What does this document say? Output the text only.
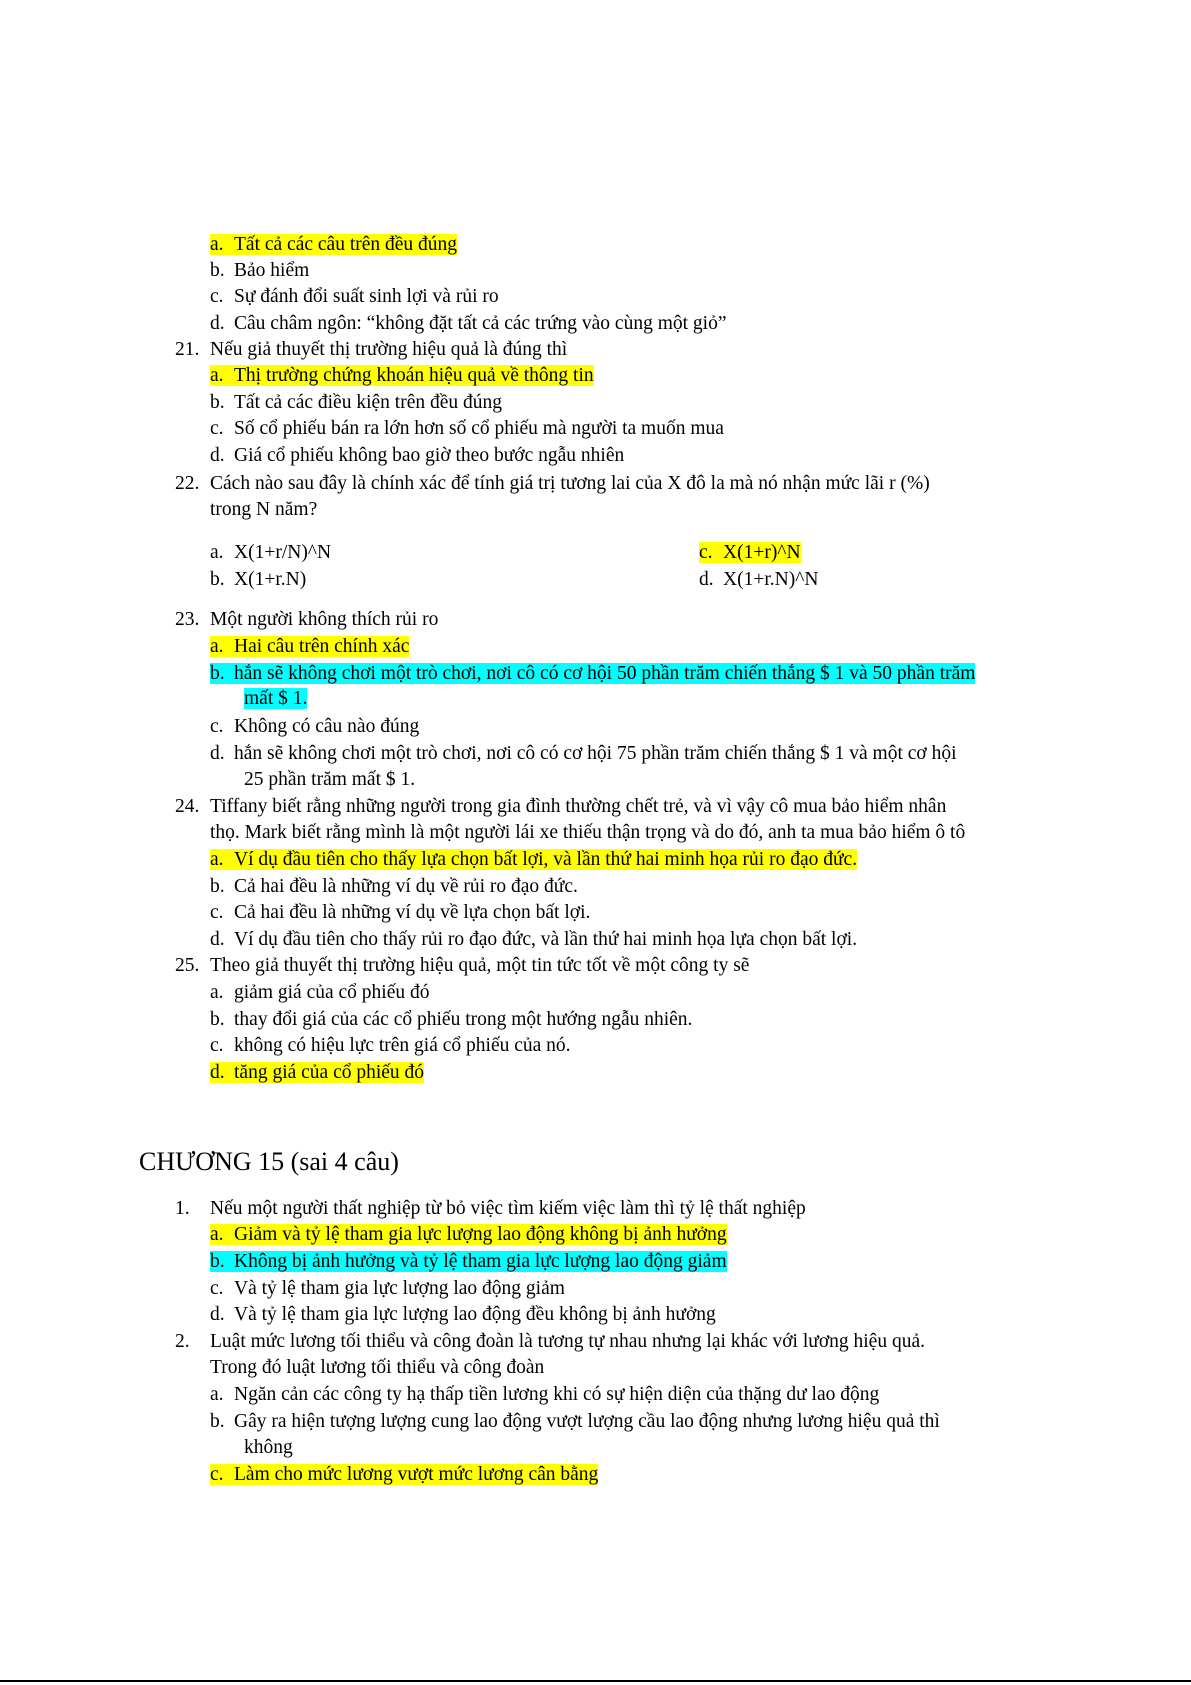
a. Tất cả các câu trên đều đúng
b. Bảo hiểm
c. Sự đánh đổi suất sinh lợi và rủi ro
d. Câu châm ngôn: “không đặt tất cả các trứng vào cùng một giỏ”
21. Nếu giả thuyết thị trường hiệu quả là đúng thì
a. Thị trường chứng khoán hiệu quả về thông tin
b. Tất cả các điều kiện trên đều đúng
c. Số cổ phiếu bán ra lớn hơn số cổ phiếu mà người ta muốn mua
d. Giá cổ phiếu không bao giờ theo bước ngẫu nhiên
22. Cách nào sau đây là chính xác để tính giá trị tương lai của X đô la mà nó nhận mức lãi r (%)
trong N năm?
a. X(1+r/N)^N
b. X(1+r.N)
c. X(1+r)^N
d. X(1+r.N)^N
23. Một người không thích rủi ro
a. Hai câu trên chính xác
b. hắn sẽ không chơi một trò chơi, nơi cô có cơ hội 50 phần trăm chiến thắng $ 1 và 50 phần trăm
mất $ 1.
c. Không có câu nào đúng
d. hắn sẽ không chơi một trò chơi, nơi cô có cơ hội 75 phần trăm chiến thắng $ 1 và một cơ hội
25 phần trăm mất $ 1.
24. Tiffany biết rằng những người trong gia đình thường chết trẻ, và vì vậy cô mua bảo hiểm nhân
thọ. Mark biết rằng mình là một người lái xe thiếu thận trọng và do đó, anh ta mua bảo hiểm ô tô
a. Ví dụ đầu tiên cho thấy lựa chọn bất lợi, và lần thứ hai minh họa rủi ro đạo đức.
b. Cả hai đều là những ví dụ về rủi ro đạo đức.
c. Cả hai đều là những ví dụ về lựa chọn bất lợi.
d. Ví dụ đầu tiên cho thấy rủi ro đạo đức, và lần thứ hai minh họa lựa chọn bất lợi.
25. Theo giả thuyết thị trường hiệu quả, một tin tức tốt về một công ty sẽ
a. giảm giá của cổ phiếu đó
b. thay đổi giá của các cổ phiếu trong một hướng ngẫu nhiên.
c. không có hiệu lực trên giá cổ phiếu của nó.
d. tăng giá của cổ phiếu đó
CHƯƠNG 15 (sai 4 câu)
1.	Nếu một người thất nghiệp từ bỏ việc tìm kiếm việc làm thì tỷ lệ thất nghiệp
a. Giảm và tỷ lệ tham gia lực lượng lao động không bị ảnh hưởng
b. Không bị ảnh hưởng và tỷ lệ tham gia lực lượng lao động giảm
c. Và tỷ lệ tham gia lực lượng lao động giảm
d. Và tỷ lệ tham gia lực lượng lao động đều không bị ảnh hưởng
2.	Luật mức lương tối thiểu và công đoàn là tương tự nhau nhưng lại khác với lương hiệu quả.
Trong đó luật lương tối thiểu và công đoàn
a. Ngăn cản các công ty hạ thấp tiền lương khi có sự hiện diện của thặng dư lao động
b. Gây ra hiện tượng lượng cung lao động vượt lượng cầu lao động nhưng lương hiệu quả thì
không
c. Làm cho mức lương vượt mức lương cân bằng
